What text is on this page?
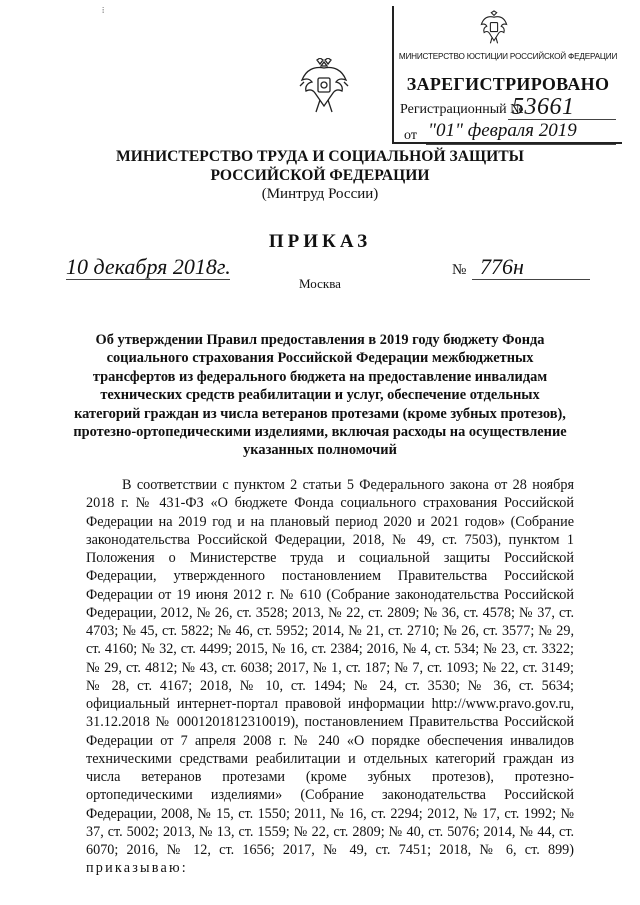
⁞
МИНИСТЕРСТВО ЮСТИЦИИ РОССИЙСКОЙ ФЕДЕРАЦИИ
ЗАРЕГИСТРИРОВАНО
Регистрационный №
53661
от "01" февраля 2019
МИНИСТЕРСТВО ТРУДА И СОЦИАЛЬНОЙ ЗАЩИТЫ
РОССИЙСКОЙ ФЕДЕРАЦИИ
(Минтруд России)
ПРИКАЗ
10 декабря 2018г.	№ 776н
Москва
Об утверждении Правил предоставления в 2019 году бюджету Фонда
социального страхования Российской Федерации межбюджетных
трансфертов из федерального бюджета на предоставление инвалидам
технических средств реабилитации и услуг, обеспечение отдельных
категорий граждан из числа ветеранов протезами (кроме зубных протезов),
протезно-ортопедическими изделиями, включая расходы на осуществление
указанных полномочий
В соответствии с пунктом 2 статьи 5 Федерального закона от 28 ноября 2018 г. № 431-ФЗ «О бюджете Фонда социального страхования Российской Федерации на 2019 год и на плановый период 2020 и 2021 годов» (Собрание законодательства Российской Федерации, 2018, № 49, ст. 7503), пунктом 1 Положения о Министерстве труда и социальной защиты Российской Федерации, утвержденного постановлением Правительства Российской Федерации от 19 июня 2012 г. № 610 (Собрание законодательства Российской Федерации, 2012, № 26, ст. 3528; 2013, № 22, ст. 2809; № 36, ст. 4578; № 37, ст. 4703; № 45, ст. 5822; № 46, ст. 5952; 2014, № 21, ст. 2710; № 26, ст. 3577; № 29, ст. 4160; № 32, ст. 4499; 2015, № 16, ст. 2384; 2016, № 4, ст. 534; № 23, ст. 3322; № 29, ст. 4812; № 43, ст. 6038; 2017, № 1, ст. 187; № 7, ст. 1093; № 22, ст. 3149; № 28, ст. 4167; 2018, № 10, ст. 1494; № 24, ст. 3530; № 36, ст. 5634; официальный интернет-портал правовой информации http://www.pravo.gov.ru, 31.12.2018 № 0001201812310019), постановлением Правительства Российской Федерации от 7 апреля 2008 г. № 240 «О порядке обеспечения инвалидов техническими средствами реабилитации и отдельных категорий граждан из числа ветеранов протезами (кроме зубных протезов), протезно-ортопедическими изделиями» (Собрание законодательства Российской Федерации, 2008, № 15, ст. 1550; 2011, № 16, ст. 2294; 2012, № 17, ст. 1992; № 37, ст. 5002; 2013, № 13, ст. 1559; № 22, ст. 2809; № 40, ст. 5076; 2014, № 44, ст. 6070; 2016, № 12, ст. 1656; 2017, № 49, ст. 7451; 2018, № 6, ст. 899) приказываю:
